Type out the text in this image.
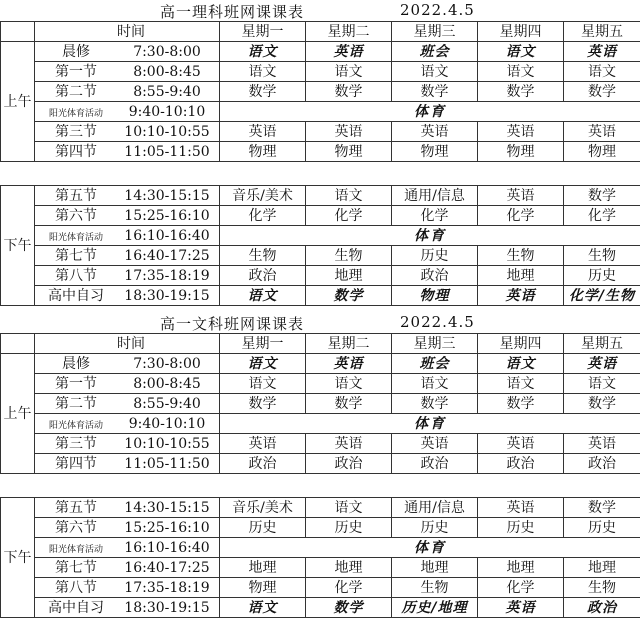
高一理科班网课课表	2022.4.5
	时间	星期一	星期二	星期三	星期四	星期五
上午	晨修 7:30-8:00	语文	英语	班会	语文	英语
	第一节 8:00-8:45	语文	语文	语文	语文	语文
	第二节 8:55-9:40	数学	数学	数学	数学	数学
	阳光体育活动 9:40-10:10	体育				
	第三节 10:10-10:55	英语	英语	英语	英语	英语
	第四节 11:05-11:50	物理	物理	物理	物理	物理

下午	第五节 14:30-15:15	音乐/美术	语文	通用/信息	英语	数学
	第六节 15:25-16:10	化学	化学	化学	化学	化学
	阳光体育活动 16:10-16:40	体育				
	第七节 16:40-17:25	生物	生物	历史	生物	生物
	第八节 17:35-18:19	政治	地理	政治	地理	历史
	高中自习 18:30-19:15	语文	数学	物理	英语	化学/生物
高一文科班网课课表	2022.4.5
	时间	星期一	星期二	星期三	星期四	星期五
上午	晨修 7:30-8:00	语文	英语	班会	语文	英语
	第一节 8:00-8:45	语文	语文	语文	语文	语文
	第二节 8:55-9:40	数学	数学	数学	数学	数学
	阳光体育活动 9:40-10:10	体育				
	第三节 10:10-10:55	英语	英语	英语	英语	英语
	第四节 11:05-11:50	政治	政治	政治	政治	政治

下午	第五节 14:30-15:15	音乐/美术	语文	通用/信息	英语	数学
	第六节 15:25-16:10	历史	历史	历史	历史	历史
	阳光体育活动 16:10-16:40	体育				
	第七节 16:40-17:25	地理	地理	地理	地理	地理
	第八节 17:35-18:19	物理	化学	生物	化学	生物
	高中自习 18:30-19:15	语文	数学	历史/地理	英语	政治
